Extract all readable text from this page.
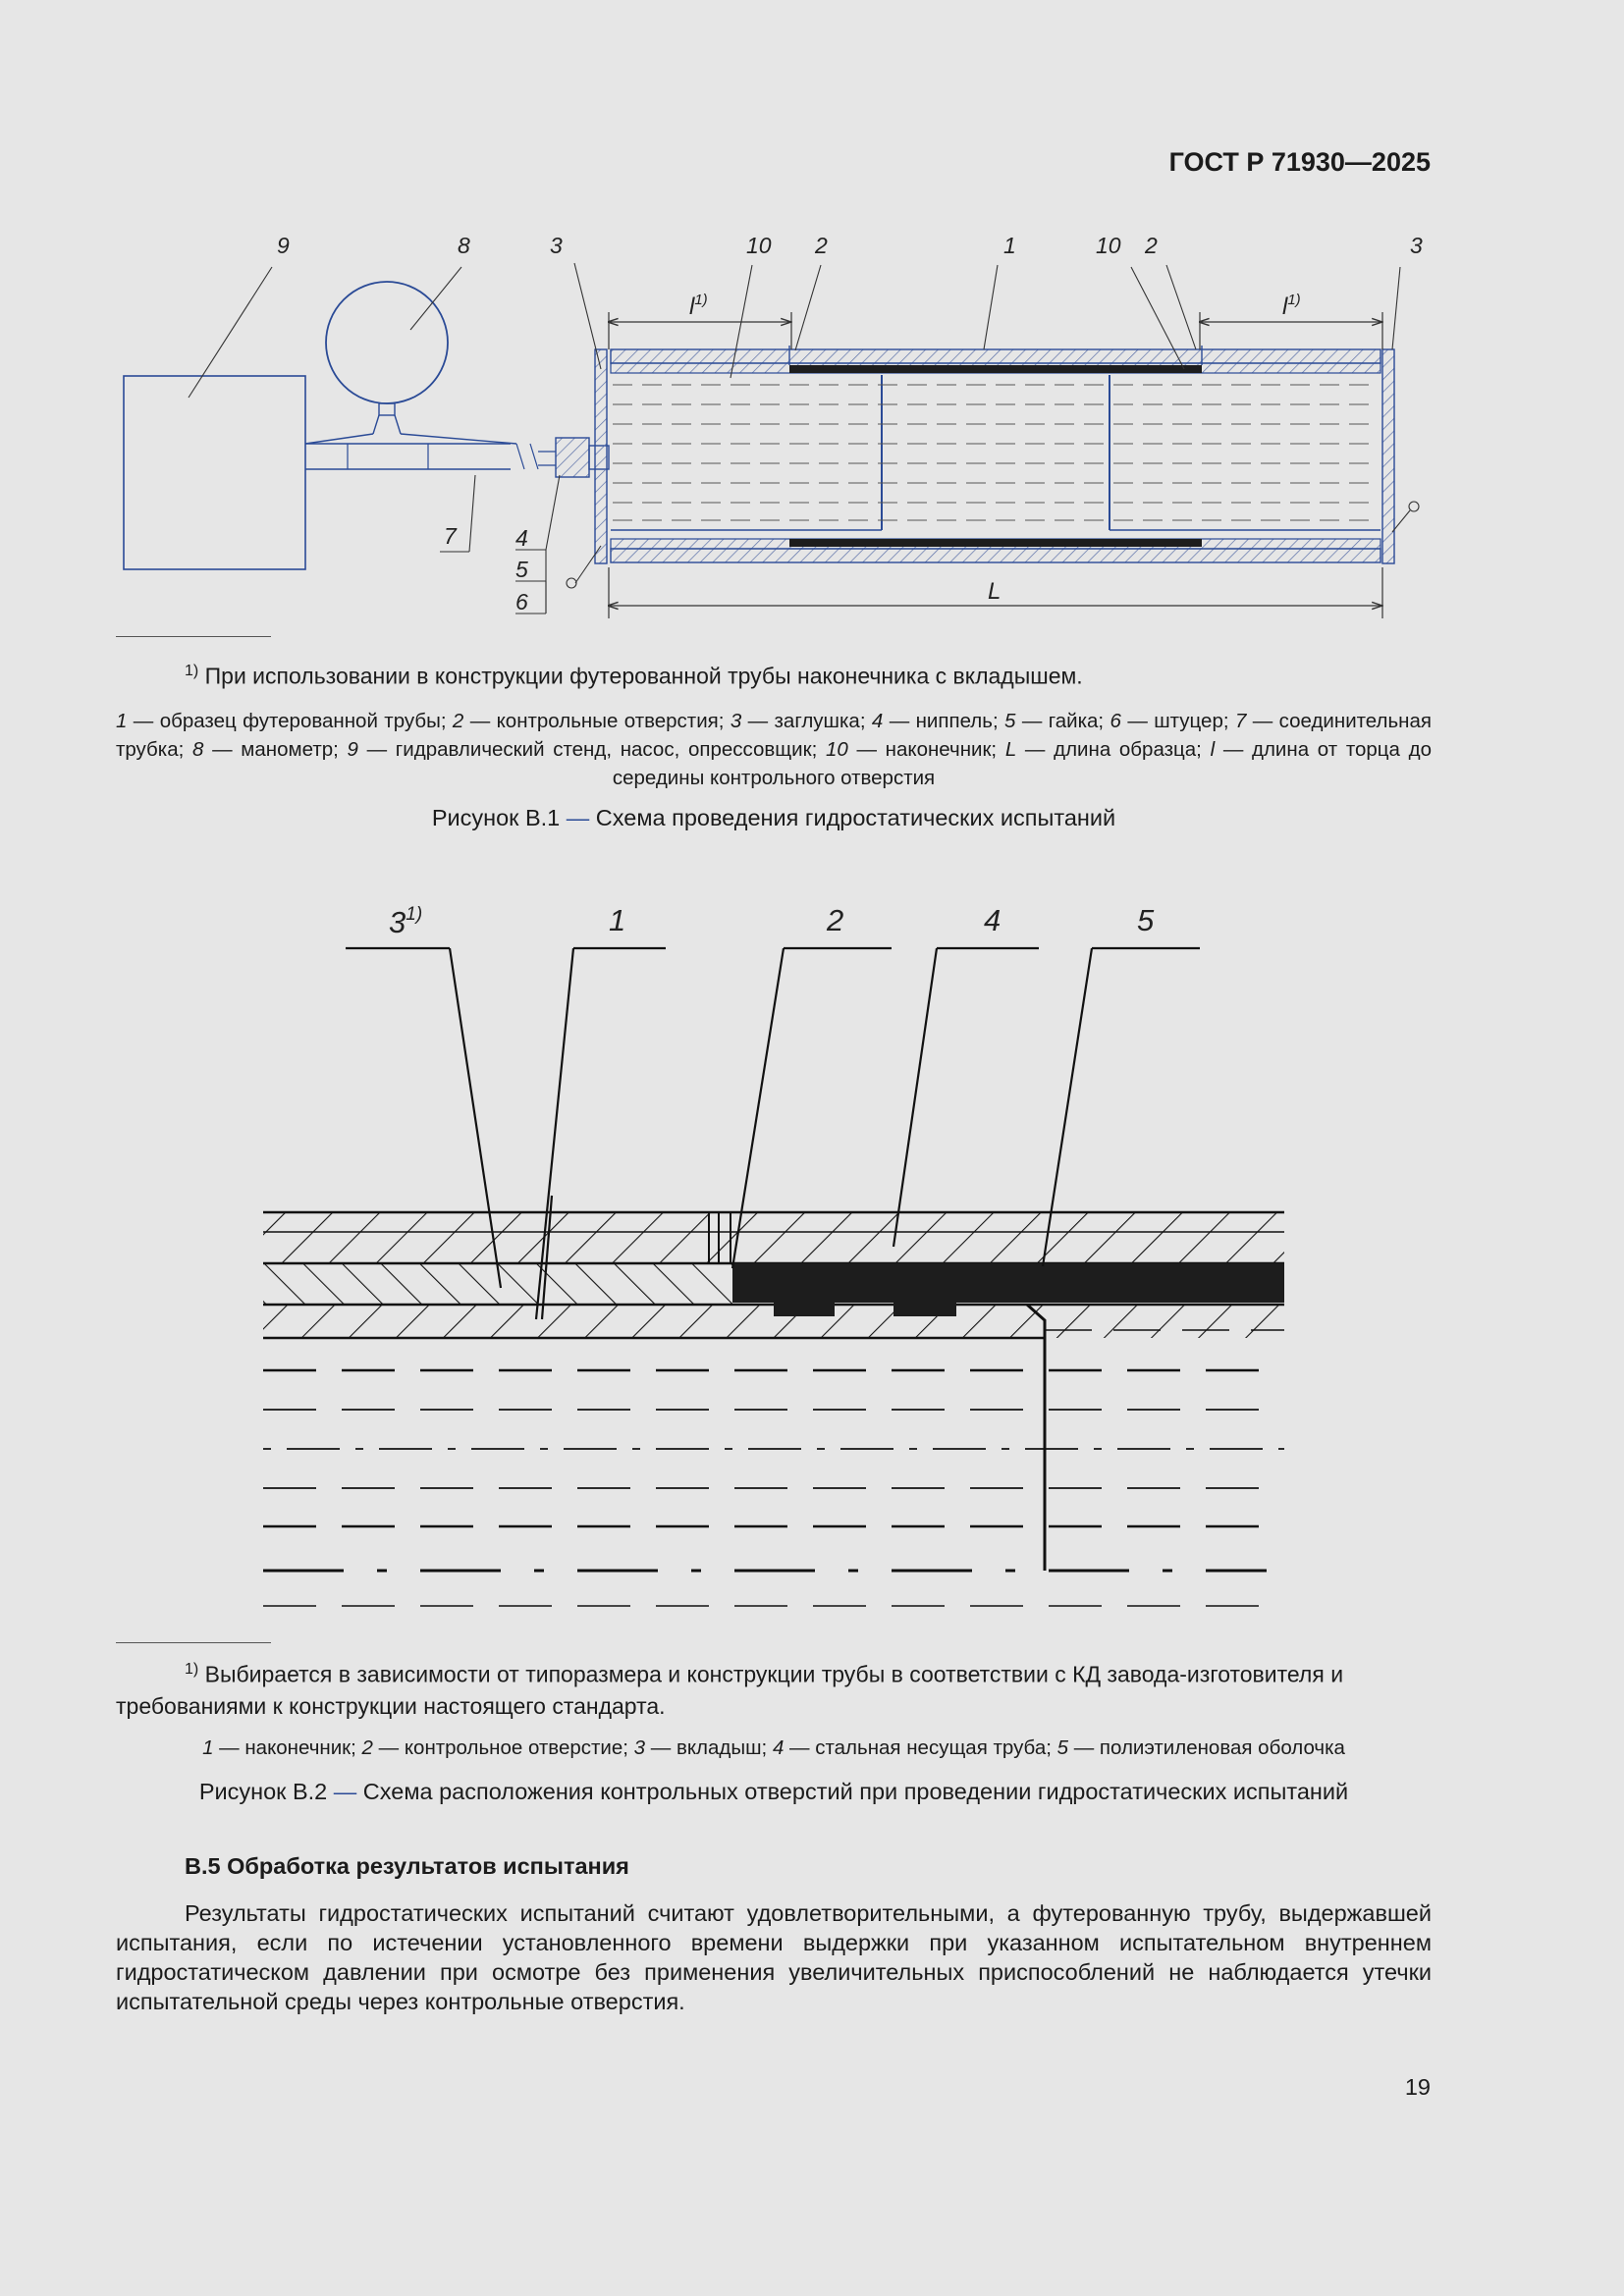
ГОСТ Р 71930—2025
9	8	3	10 2	1	10 2	3
7	4
5
6
$l^{1)}$	$l^{1)}$
L
$^{1)}$ При использовании в конструкции футерованной трубы наконечника с вкладышем.
1 — образец футерованной трубы; 2 — контрольные отверстия; 3 — заглушка; 4 — ниппель; 5 — гайка; 6 — штуцер; 7 — соединительная трубка; 8 — манометр; 9 — гидравлический стенд, насос, опрессовщик; 10 — наконечник; L — длина образца; l — длина от торца до середины контрольного отверстия
Рисунок В.1 — Схема проведения гидростатических испытаний
3$^{1)}$	1	2	4	5
$^{1)}$ Выбирается в зависимости от типоразмера и конструкции трубы в соответствии с КД завода-изготовителя и требованиями к конструкции настоящего стандарта.
1 — наконечник; 2 — контрольное отверстие; 3 — вкладыш; 4 — стальная несущая труба; 5 — полиэтиленовая оболочка
Рисунок В.2 — Схема расположения контрольных отверстий при проведении гидростатических испытаний
В.5 Обработка результатов испытания
Результаты гидростатических испытаний считают удовлетворительными, а футерованную трубу, выдержавшей испытания, если по истечении установленного времени выдержки при указанном испытательном внутреннем гидростатическом давлении при осмотре без применения увеличительных приспособлений не наблюдается утечки испытательной среды через контрольные отверстия.
19
